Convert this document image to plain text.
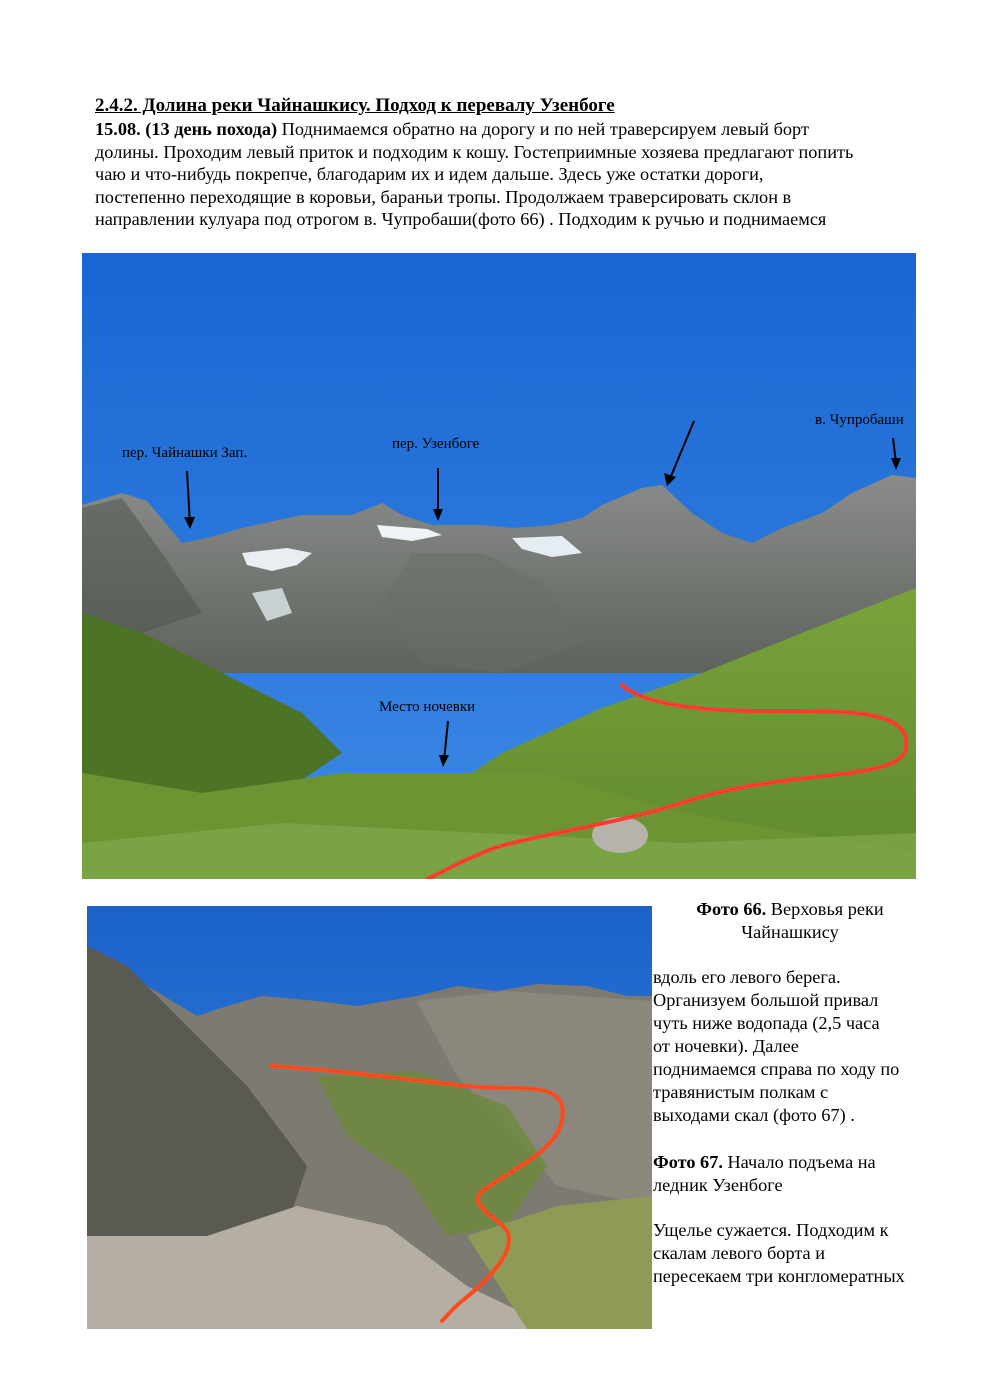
2.4.2. Долина реки Чайнашкису. Подход к перевалу Узенбоге
15.08. (13 день похода) Поднимаемся обратно на дорогу и по ней траверсируем левый борт
долины. Проходим левый приток и подходим к кошу. Гостеприимные хозяева предлагают попить
чаю и что-нибудь покрепче, благодарим их и идем дальше. Здесь уже остатки дороги,
постепенно переходящие в коровьи, бараньи тропы. Продолжаем траверсировать склон в
направлении кулуара под отрогом в. Чупробаши(фото 66) . Подходим к ручью и поднимаемся
пер. Чайнашки Зап.
пер. Узенбоге
в. Чупробаши
Место ночевки
Фото 66. Верховья реки
Чайнашкису
вдоль его левого берега.
Организуем большой привал
чуть ниже водопада (2,5 часа
от ночевки). Далее
поднимаемся справа по ходу по
травянистым полкам с
выходами скал (фото 67) .
Фото 67. Начало подъема на
ледник Узенбоге
Ущелье сужается. Подходим к
скалам левого борта и
пересекаем три конгломератных
